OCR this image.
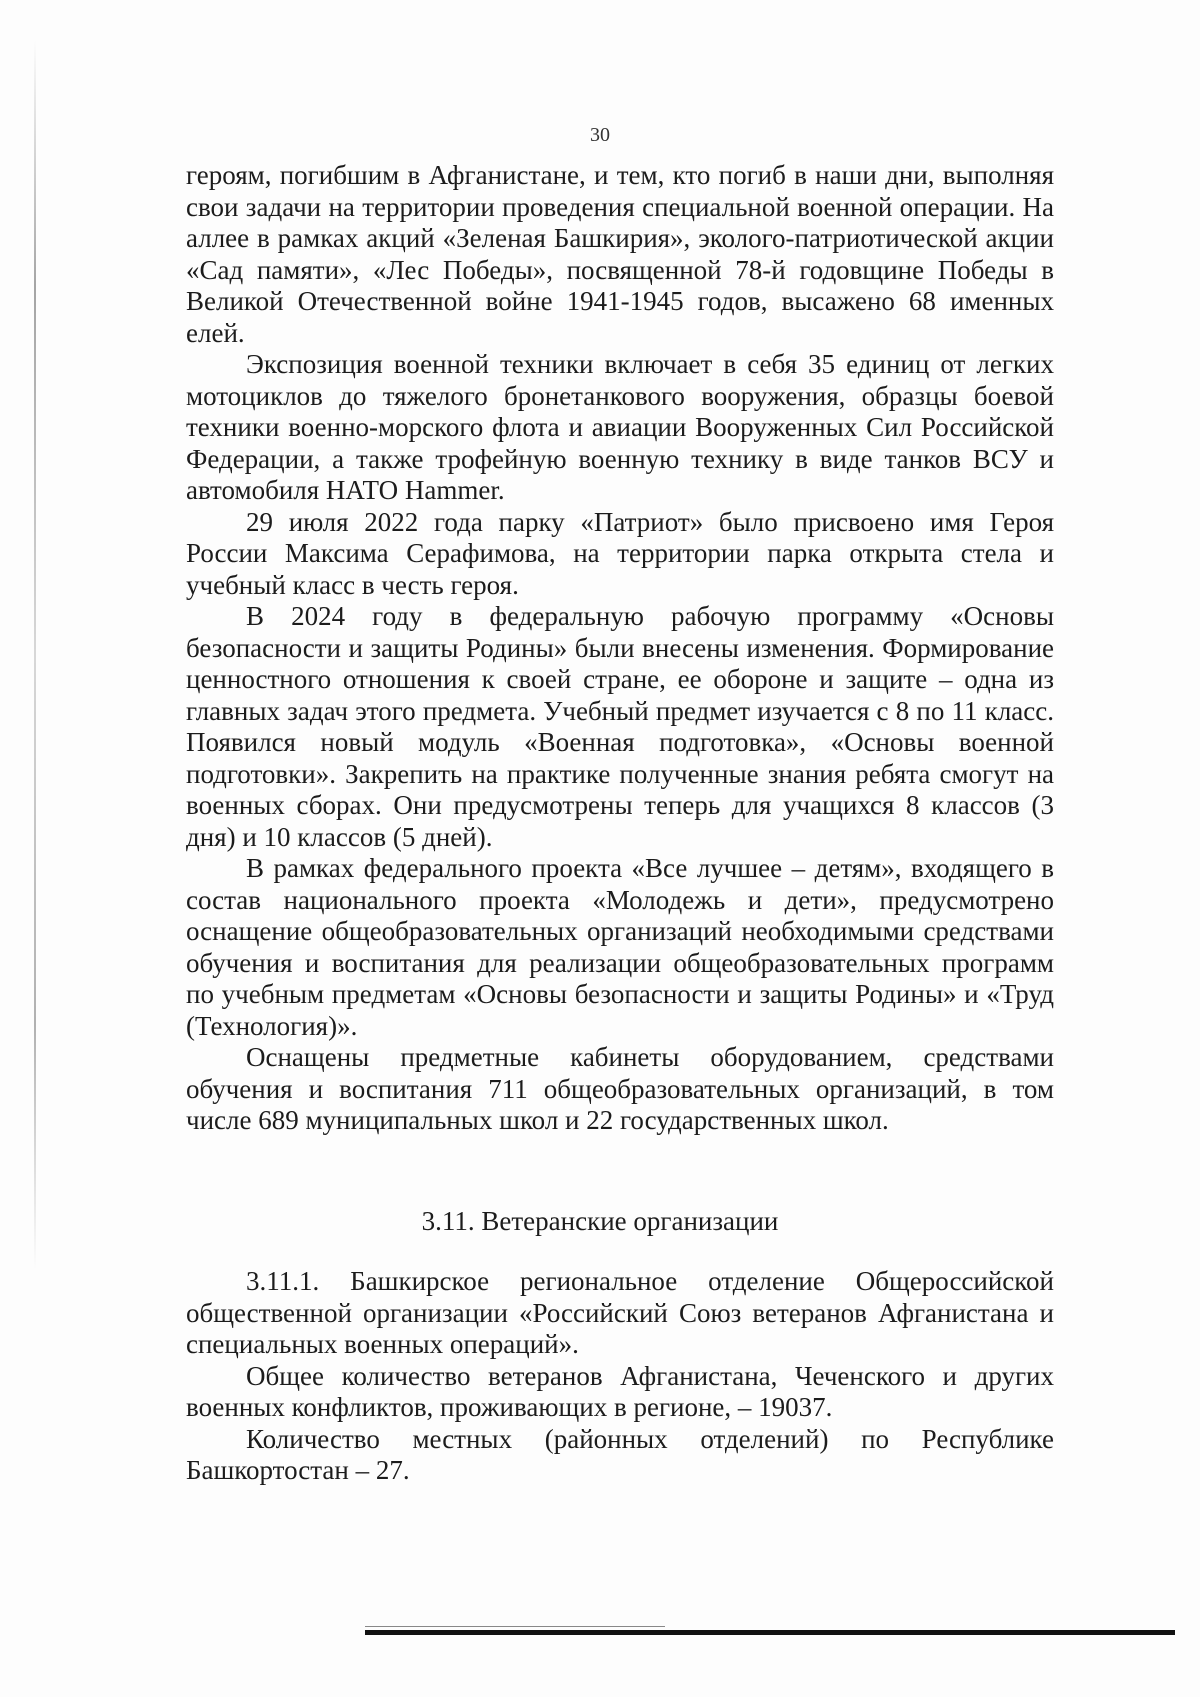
30

героям, погибшим в Афганистане, и тем, кто погиб в наши дни, выполняя свои задачи на территории проведения специальной военной операции. На аллее в рамках акций «Зеленая Башкирия», эколого-патриотической акции «Сад памяти», «Лес Победы», посвященной 78-й годовщине Победы в Великой Отечественной войне 1941-1945 годов, высажено 68 именных елей.

Экспозиция военной техники включает в себя 35 единиц от легких мотоциклов до тяжелого бронетанкового вооружения, образцы боевой техники военно-морского флота и авиации Вооруженных Сил Российской Федерации, а также трофейную военную технику в виде танков ВСУ и автомобиля НАТО Hammer.

29 июля 2022 года парку «Патриот» было присвоено имя Героя России Максима Серафимова, на территории парка открыта стела и учебный класс в честь героя.

В 2024 году в федеральную рабочую программу «Основы безопасности и защиты Родины» были внесены изменения. Формирование ценностного отношения к своей стране, ее обороне и защите – одна из главных задач этого предмета. Учебный предмет изучается с 8 по 11 класс. Появился новый модуль «Военная подготовка», «Основы военной подготовки». Закрепить на практике полученные знания ребята смогут на военных сборах. Они предусмотрены теперь для учащихся 8 классов (3 дня) и 10 классов (5 дней).

В рамках федерального проекта «Все лучшее – детям», входящего в состав национального проекта «Молодежь и дети», предусмотрено оснащение общеобразовательных организаций необходимыми средствами обучения и воспитания для реализации общеобразовательных программ по учебным предметам «Основы безопасности и защиты Родины» и «Труд (Технология)».

Оснащены предметные кабинеты оборудованием, средствами обучения и воспитания 711 общеобразовательных организаций, в том числе 689 муниципальных школ и 22 государственных школ.

3.11. Ветеранские организации

3.11.1. Башкирское региональное отделение Общероссийской общественной организации «Российский Союз ветеранов Афганистана и специальных военных операций».

Общее количество ветеранов Афганистана, Чеченского и других военных конфликтов, проживающих в регионе, – 19037.

Количество местных (районных отделений) по Республике Башкортостан – 27.
